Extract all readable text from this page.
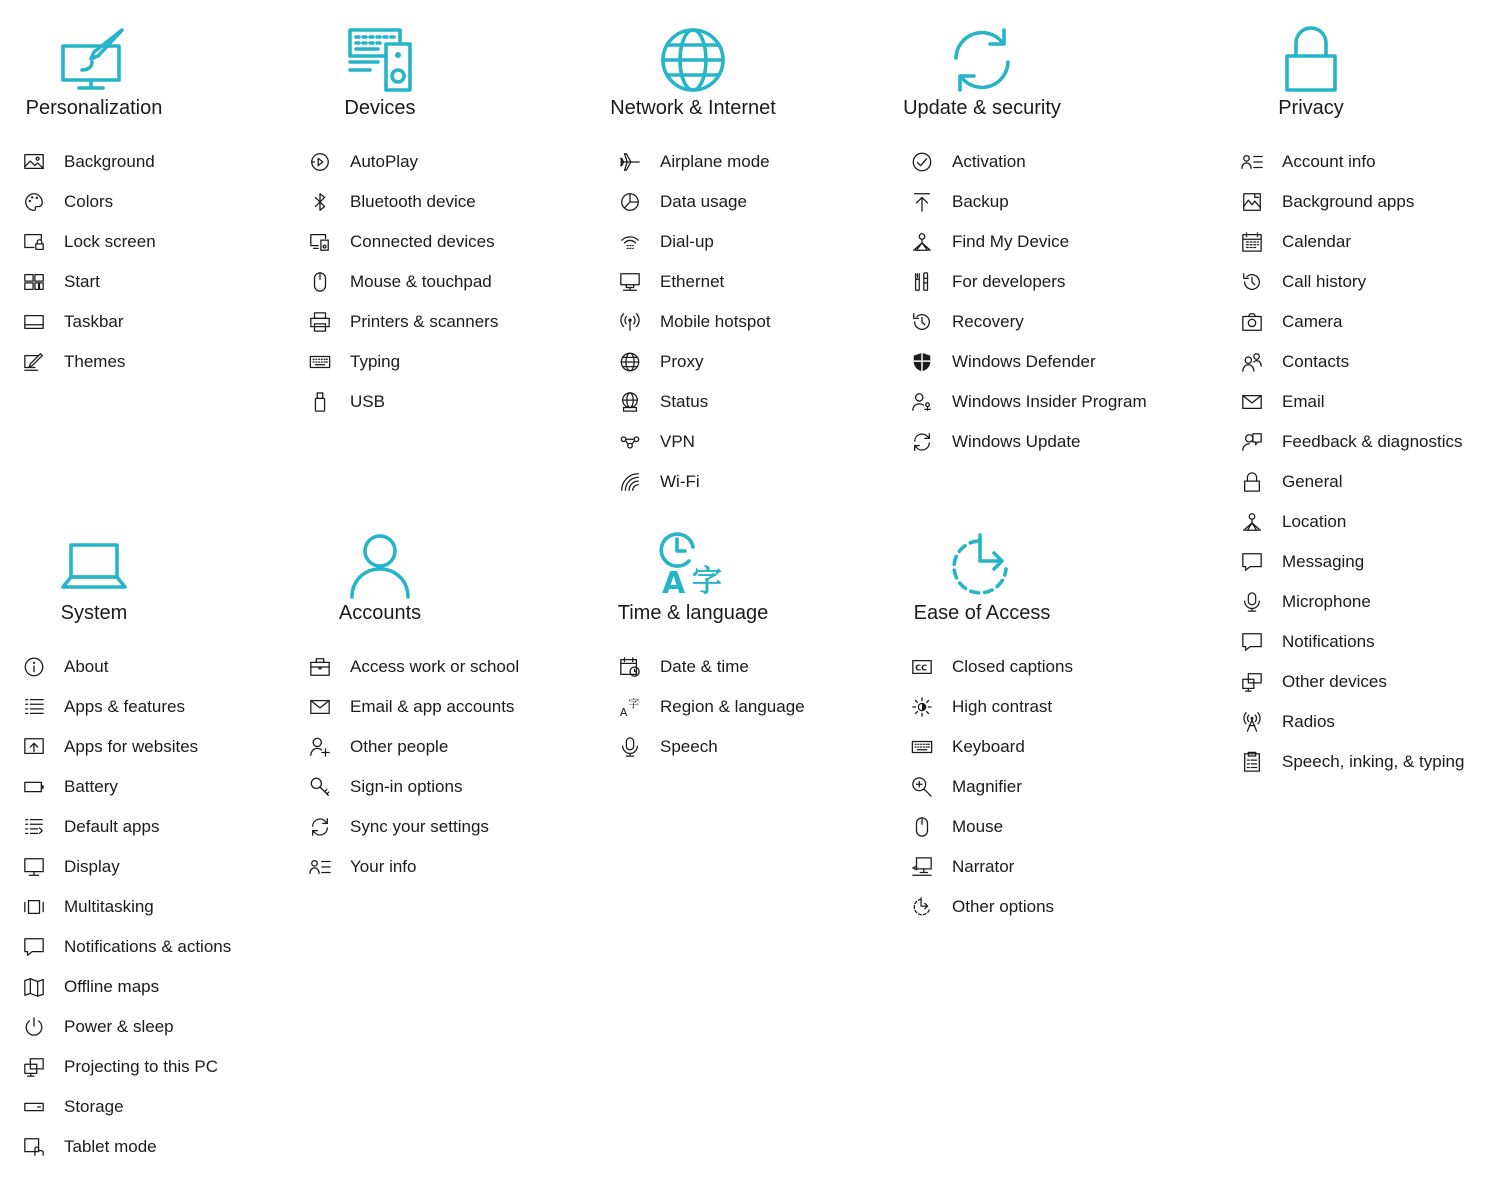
Personalization
Background
Colors
Lock screen
Start
Taskbar
Themes
Devices
AutoPlay
Bluetooth device
Connected devices
Mouse & touchpad
Printers & scanners
Typing
USB
Network & Internet
Airplane mode
Data usage
Dial-up
Ethernet
Mobile hotspot
Proxy
Status
VPN
Wi-Fi
Update & security
Activation
Backup
Find My Device
For developers
Recovery
Windows Defender
Windows Insider Program
Windows Update
Privacy
Account info
Background apps
Calendar
Call history
Camera
Contacts
Email
Feedback & diagnostics
General
Location
Messaging
Microphone
Notifications
Other devices
Radios
Speech, inking, & typing
System
About
Apps & features
Apps for websites
Battery
Default apps
Display
Multitasking
Notifications & actions
Offline maps
Power & sleep
Projecting to this PC
Storage
Tablet mode
Accounts
Access work or school
Email & app accounts
Other people
Sign-in options
Sync your settings
Your info
A 字
Time & language
Date & time
A
字 Region & language
Speech
Ease of Access
CC Closed captions
High contrast
Keyboard
Magnifier
Mouse
Narrator
Other options
